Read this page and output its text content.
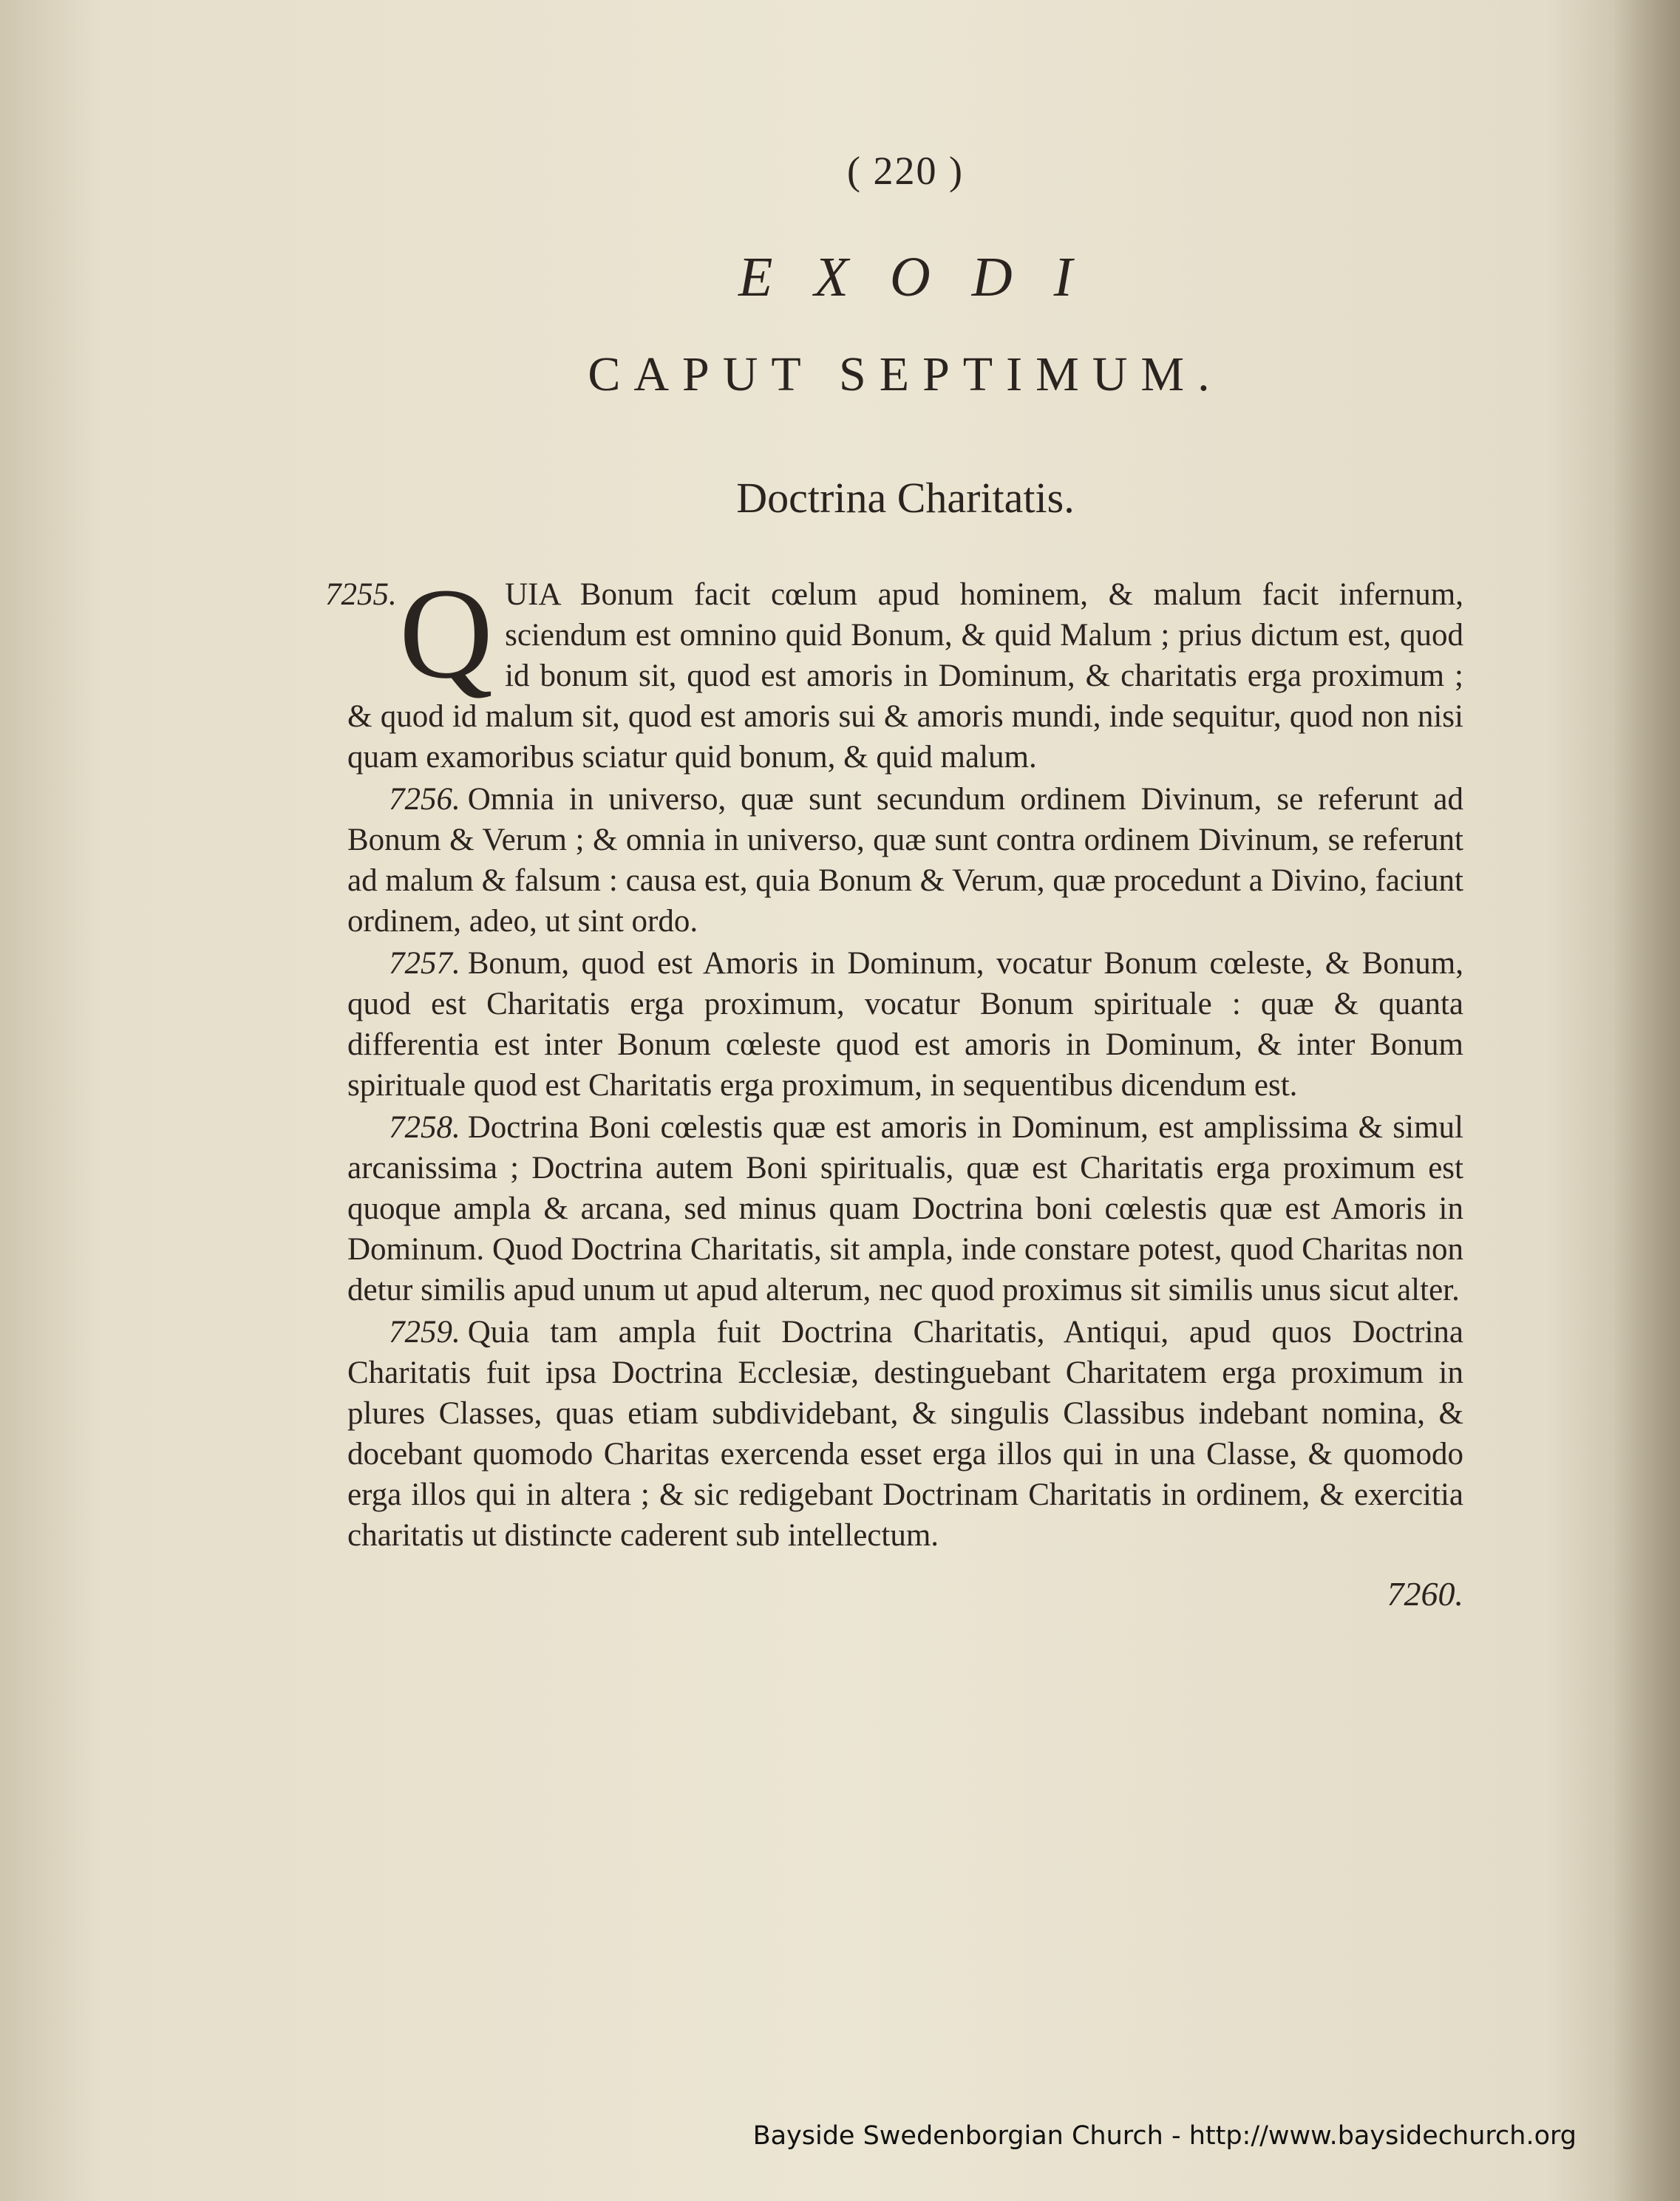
( 220 )
EXODI
CAPUT SEPTIMUM.
Doctrina Charitatis.

7255. Q UIA Bonum facit cœlum apud hominem, & malum facit infernum, sciendum est omnino quid Bonum, & quid Malum ; prius dictum est, quod id bonum sit, quod est amoris in Dominum, & charitatis erga proximum ; & quod id malum sit, quod est amoris sui & amoris mundi, inde sequitur, quod non nisi quam examoribus sciatur quid bonum, & quid malum.

7256. Omnia in universo, quæ sunt secundum ordinem Divinum, se referunt ad Bonum & Verum ; & omnia in universo, quæ sunt contra ordinem Divinum, se referunt ad malum & falsum : causa est, quia Bonum & Verum, quæ procedunt a Divino, faciunt ordinem, adeo, ut sint ordo.

7257. Bonum, quod est Amoris in Dominum, vocatur Bonum cœleste, & Bonum, quod est Charitatis erga proximum, vocatur Bonum spirituale : quæ & quanta differentia est inter Bonum cœleste quod est amoris in Dominum, & inter Bonum spirituale quod est Charitatis erga proximum, in sequentibus dicendum est.

7258. Doctrina Boni cœlestis quæ est amoris in Dominum, est amplissima & simul arcanissima ; Doctrina autem Boni spiritualis, quæ est Charitatis erga proximum est quoque ampla & arcana, sed minus quam Doctrina boni cœlestis quæ est Amoris in Dominum. Quod Doctrina Charitatis, sit ampla, inde constare potest, quod Charitas non detur similis apud unum ut apud alterum, nec quod proximus sit similis unus sicut alter.

7259. Quia tam ampla fuit Doctrina Charitatis, Antiqui, apud quos Doctrina Charitatis fuit ipsa Doctrina Ecclesiæ, destinguebant Charitatem erga proximum in plures Classes, quas etiam subdividebant, & singulis Classibus indebant nomina, & docebant quomodo Charitas exercenda esset erga illos qui in una Classe, & quomodo erga illos qui in altera ; & sic redigebant Doctrinam Charitatis in ordinem, & exercitia charitatis ut distincte caderent sub intellectum.

7260.
Bayside Swedenborgian Church - http://www.baysidechurch.org
